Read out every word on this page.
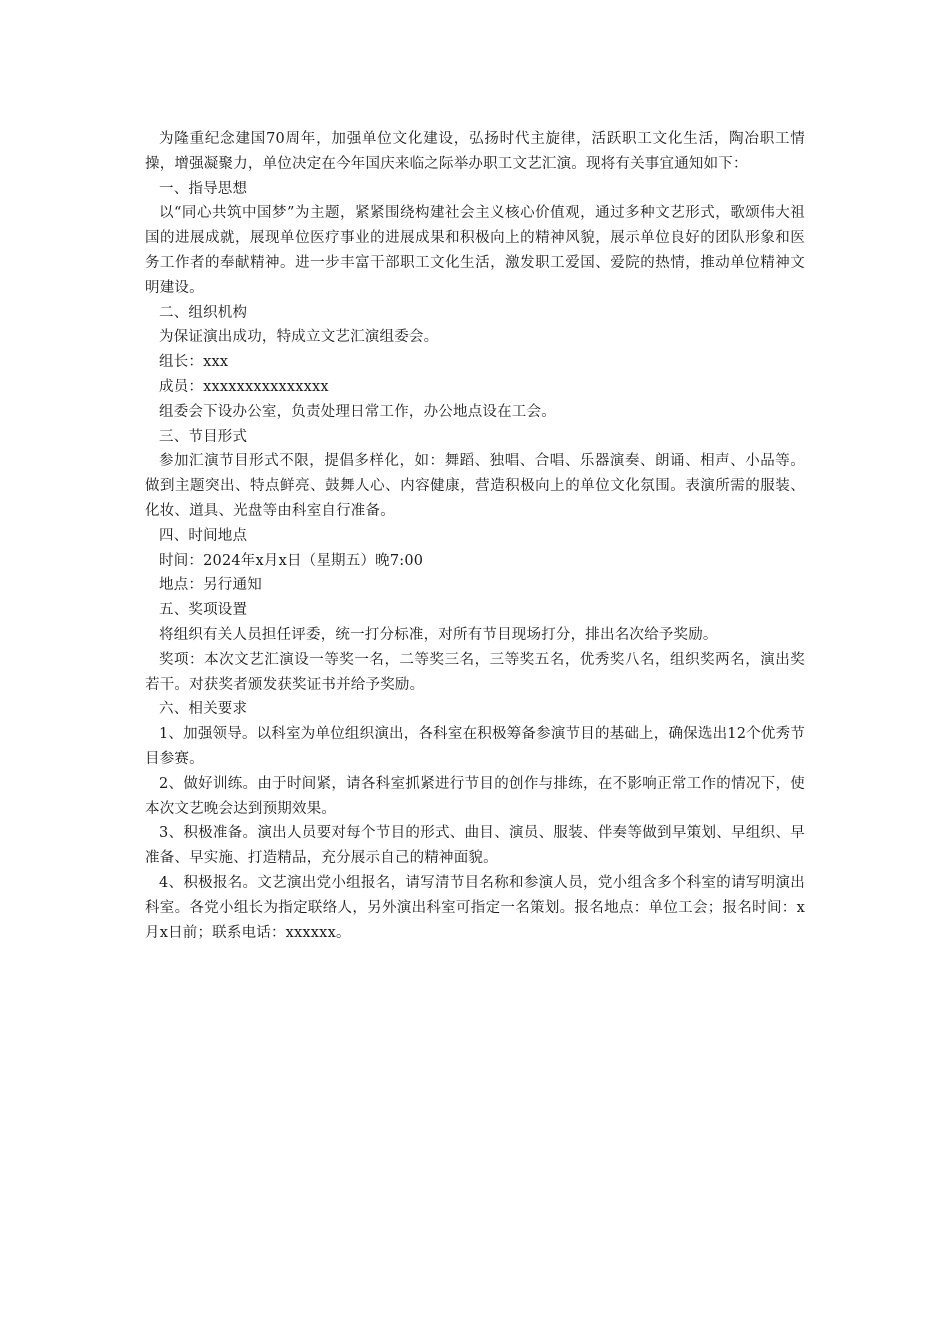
为隆重纪念建国70周年，加强单位文化建设，弘扬时代主旋律，活跃职工文化生活，陶冶职工情操，增强凝聚力，单位决定在今年国庆来临之际举办职工文艺汇演。现将有关事宜通知如下：

一、指导思想

以“同心共筑中国梦”为主题，紧紧围绕构建社会主义核心价值观，通过多种文艺形式，歌颂伟大祖国的进展成就，展现单位医疗事业的进展成果和积极向上的精神风貌，展示单位良好的团队形象和医务工作者的奉献精神。进一步丰富干部职工文化生活，激发职工爱国、爱院的热情，推动单位精神文明建设。

二、组织机构

为保证演出成功，特成立文艺汇演组委会。

组长：xxx

成员：xxxxxxxxxxxxxxx

组委会下设办公室，负责处理日常工作，办公地点设在工会。

三、节目形式

参加汇演节目形式不限，提倡多样化，如：舞蹈、独唱、合唱、乐器演奏、朗诵、相声、小品等。做到主题突出、特点鲜亮、鼓舞人心、内容健康，营造积极向上的单位文化氛围。表演所需的服装、化妆、道具、光盘等由科室自行准备。

四、时间地点

时间：2024年x月x日（星期五）晚7:00

地点：另行通知

五、奖项设置

将组织有关人员担任评委，统一打分标准，对所有节目现场打分，排出名次给予奖励。

奖项：本次文艺汇演设一等奖一名，二等奖三名，三等奖五名，优秀奖八名，组织奖两名，演出奖若干。对获奖者颁发获奖证书并给予奖励。

六、相关要求

1、加强领导。以科室为单位组织演出，各科室在积极筹备参演节目的基础上，确保选出12个优秀节目参赛。

2、做好训练。由于时间紧，请各科室抓紧进行节目的创作与排练，在不影响正常工作的情况下，使本次文艺晚会达到预期效果。

3、积极准备。演出人员要对每个节目的形式、曲目、演员、服装、伴奏等做到早策划、早组织、早准备、早实施、打造精品，充分展示自己的精神面貌。

4、积极报名。文艺演出党小组报名，请写清节目名称和参演人员，党小组含多个科室的请写明演出科室。各党小组长为指定联络人，另外演出科室可指定一名策划。报名地点：单位工会；报名时间：x月x日前；联系电话：xxxxxx。
